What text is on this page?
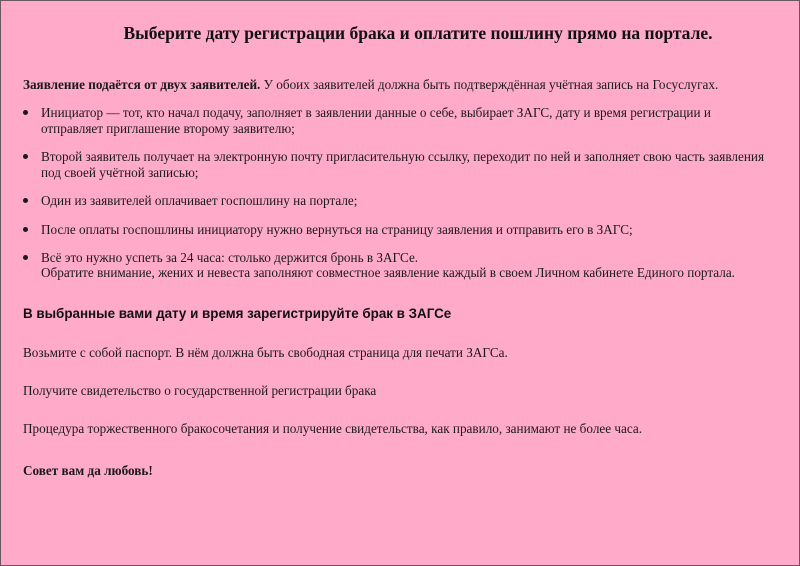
Выберите дату регистрации брака и оплатите пошлину прямо на портале.

Заявление подаётся от двух заявителей. У обоих заявителей должна быть подтверждённая учётная запись на Госуслугах.

Инициатор — тот, кто начал подачу, заполняет в заявлении данные о себе, выбирает ЗАГС, дату и время регистрации и отправляет приглашение второму заявителю;
Второй заявитель получает на электронную почту пригласительную ссылку, переходит по ней и заполняет свою часть заявления под своей учётной записью;
Один из заявителей оплачивает госпошлину на портале;
После оплаты госпошлины инициатору нужно вернуться на страницу заявления и отправить его в ЗАГС;
Всё это нужно успеть за 24 часа: столько держится бронь в ЗАГСе.

Обратите внимание, жених и невеста заполняют совместное заявление каждый в своем Личном кабинете Единого портала.

В выбранные вами дату и время зарегистрируйте брак в ЗАГСе

Возьмите с собой паспорт. В нём должна быть свободная страница для печати ЗАГСа.

Получите свидетельство о государственной регистрации брака

Процедура торжественного бракосочетания и получение свидетельства, как правило, занимают не более часа.

Совет вам да любовь!
